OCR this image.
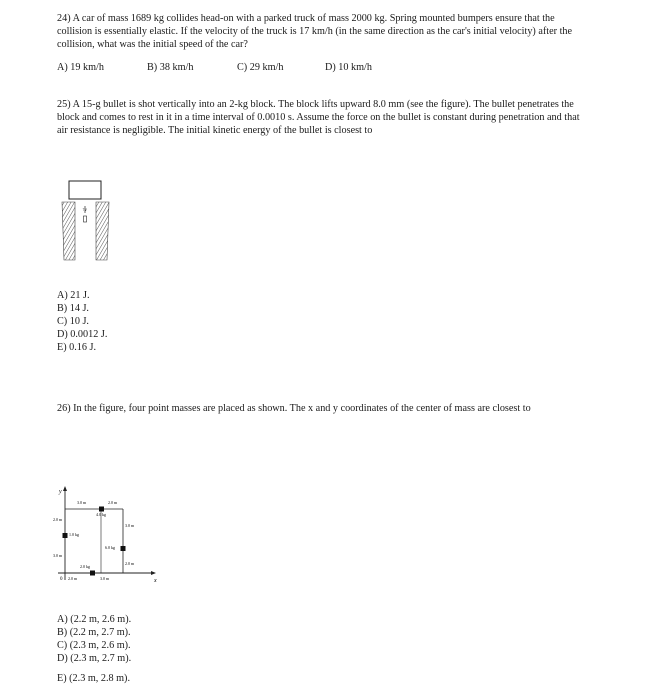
24) A car of mass 1689 kg collides head-on with a parked truck of mass 2000 kg. Spring mounted bumpers ensure that the
collision is essentially elastic. If the velocity of the truck is 17 km/h (in the same direction as the car's initial velocity) after the
collision, what was the initial speed of the car?
A) 19 km/h	B) 38 km/h	C) 29 km/h	D) 10 km/h
25) A 15-g bullet is shot vertically into an 2-kg block. The block lifts upward 8.0 mm (see the figure). The bullet penetrates the
block and comes to rest in it in a time interval of 0.0010 s. Assume the force on the bullet is constant during penetration and that
air resistance is negligible. The initial kinetic energy of the bullet is closest to
↑v
A) 21 J.
B) 14 J.
C) 10 J.
D) 0.0012 J.
E) 0.16 J.
26) In the figure, four point masses are placed as shown. The x and y coordinates of the center of mass are closest to
y
x
0
3.0 m	2.0 m
4.0 kg
3.0 m
2.0 m
1.0 kg
6.0 kg
3.0 m
2.0 m
2.0 kg
2.0 m	3.0 m
A) (2.2 m, 2.6 m).
B) (2.2 m, 2.7 m).
C) (2.3 m, 2.6 m).
D) (2.3 m, 2.7 m).
E) (2.3 m, 2.8 m).
